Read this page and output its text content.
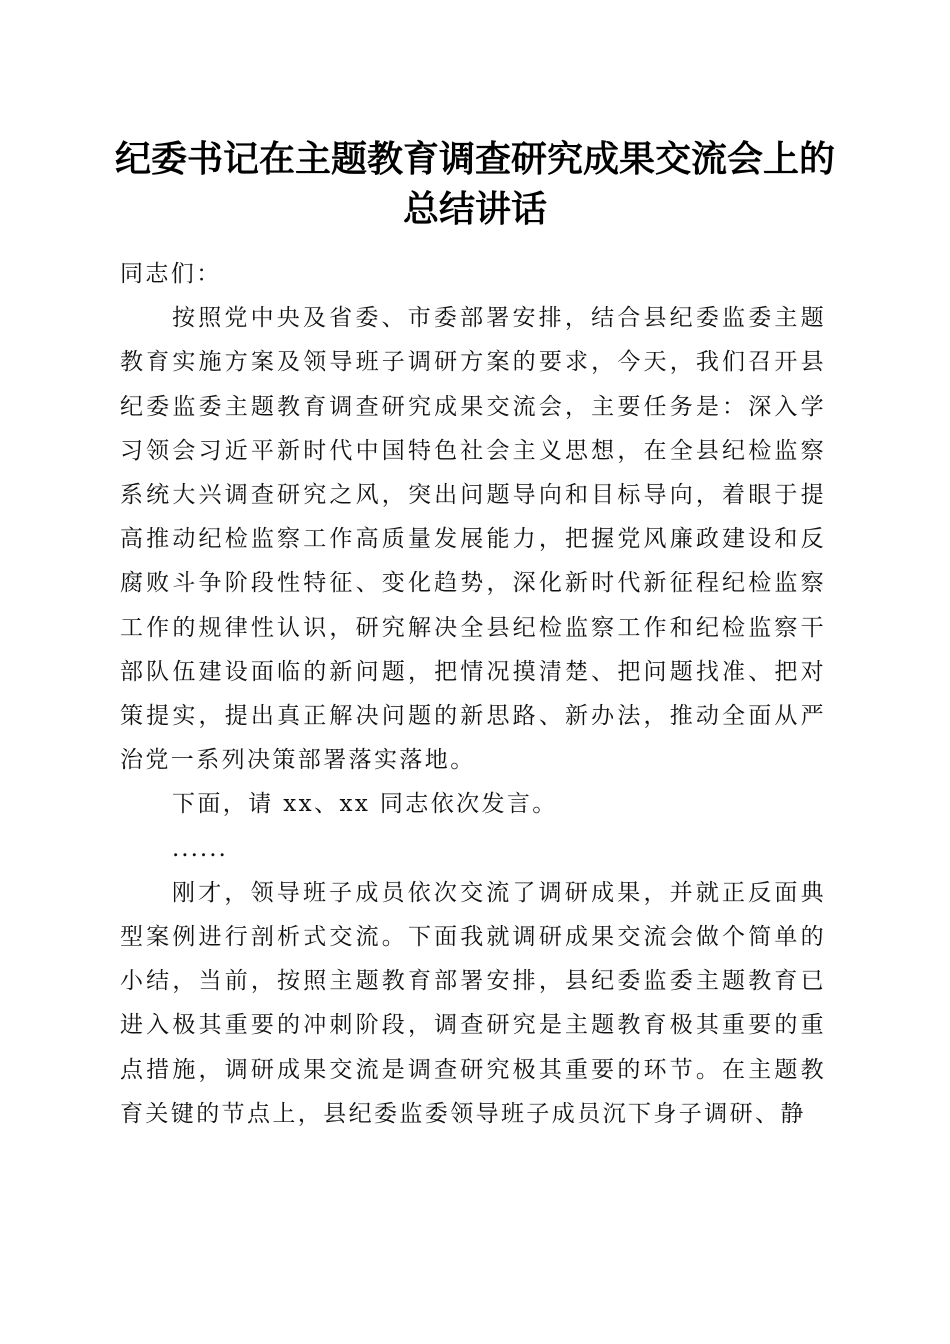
纪委书记在主题教育调查研究成果交流会上的
总结讲话

同志们：

按照党中央及省委、市委部署安排，结合县纪委监委主题教育实施方案及领导班子调研方案的要求，今天，我们召开县纪委监委主题教育调查研究成果交流会，主要任务是：深入学习领会习近平新时代中国特色社会主义思想，在全县纪检监察系统大兴调查研究之风，突出问题导向和目标导向，着眼于提高推动纪检监察工作高质量发展能力，把握党风廉政建设和反腐败斗争阶段性特征、变化趋势，深化新时代新征程纪检监察工作的规律性认识，研究解决全县纪检监察工作和纪检监察干部队伍建设面临的新问题，把情况摸清楚、把问题找准、把对策提实，提出真正解决问题的新思路、新办法，推动全面从严治党一系列决策部署落实落地。

下面，请 xx、xx 同志依次发言。

......

刚才，领导班子成员依次交流了调研成果，并就正反面典型案例进行剖析式交流。下面我就调研成果交流会做个简单的小结，当前，按照主题教育部署安排，县纪委监委主题教育已进入极其重要的冲刺阶段，调查研究是主题教育极其重要的重点措施，调研成果交流是调查研究极其重要的环节。在主题教育关键的节点上，县纪委监委领导班子成员沉下身子调研、静
